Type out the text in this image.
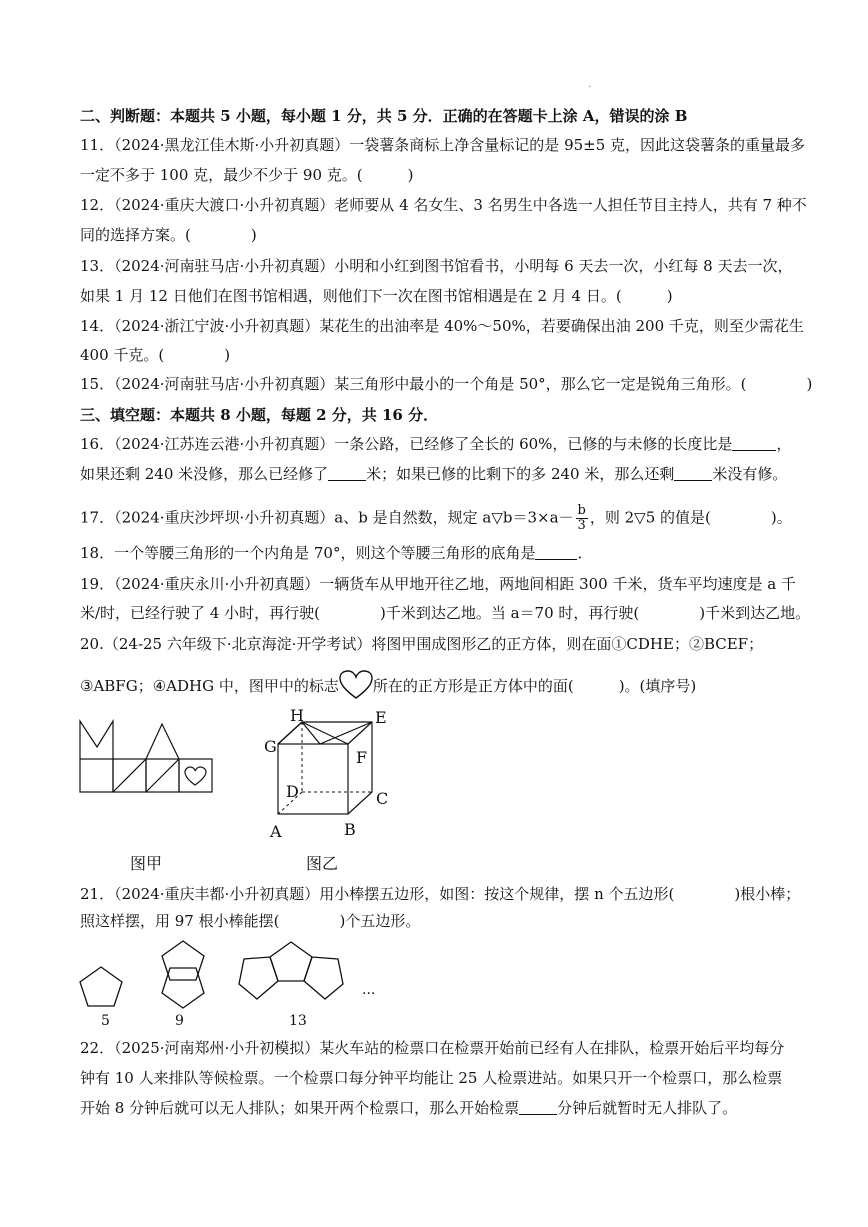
·
二、判断题：本题共 5 小题，每小题 1 分，共 5 分．正确的在答题卡上涂 A，错误的涂 B
11．（2024·黑龙江佳木斯·小升初真题）一袋薯条商标上净含量标记的是 95±5 克，因此这袋薯条的重量最多
一定不多于 100 克，最少不少于 90 克。(　　　)
12．（2024·重庆大渡口·小升初真题）老师要从 4 名女生、3 名男生中各选一人担任节目主持人，共有 7 种不
同的选择方案。(　　　　)
13．（2024·河南驻马店·小升初真题）小明和小红到图书馆看书，小明每 6 天去一次，小红每 8 天去一次，
如果 1 月 12 日他们在图书馆相遇，则他们下一次在图书馆相遇是在 2 月 4 日。(　　　)
14．（2024·浙江宁波·小升初真题）某花生的出油率是 40%～50%，若要确保出油 200 千克，则至少需花生
400 千克。(　　　　)
15．（2024·河南驻马店·小升初真题）某三角形中最小的一个角是 50°，那么它一定是锐角三角形。(　　　　)
三、填空题：本题共 8 小题，每题 2 分，共 16 分．
16．（2024·江苏连云港·小升初真题）一条公路，已经修了全长的 60%，已修的与未修的长度比是	，
如果还剩 240 米没修，那么已经修了	米；如果已修的比剩下的多 240 米，那么还剩	米没有修。
17．（2024·重庆沙坪坝·小升初真题）a、b 是自然数，规定 a▽b＝3×a－ $\frac{b}{3}$ ，则 2▽5 的值是(　　　　)。
18．一个等腰三角形的一个内角是 70°，则这个等腰三角形的底角是	．
19．（2024·重庆永川·小升初真题）一辆货车从甲地开往乙地，两地间相距 300 千米，货车平均速度是 a 千
米/时，已经行驶了 4 小时，再行驶(　　　　)千米到达乙地。当 a＝70 时，再行驶(　　　　)千米到达乙地。
20.（24-25 六年级下·北京海淀·开学考试）将图甲围成图形乙的正方体，则在面①CDHE；②BCEF；
③ABFG；④ADHG 中，图甲中的标志 所在的正方形是正方体中的面(　　　)。(填序号)
H	E
G
F
D	C
A	B
图甲	图乙
21．（2024·重庆丰都·小升初真题）用小棒摆五边形，如图：按这个规律，摆 n 个五边形(　　　　)根小棒；
照这样摆，用 97 根小棒能摆(　　　　)个五边形。
5	9	13
...
22．（2025·河南郑州·小升初模拟）某火车站的检票口在检票开始前已经有人在排队，检票开始后平均每分
钟有 10 人来排队等候检票。一个检票口每分钟平均能让 25 人检票进站。如果只开一个检票口，那么检票
开始 8 分钟后就可以无人排队；如果开两个检票口，那么开始检票	分钟后就暂时无人排队了。
